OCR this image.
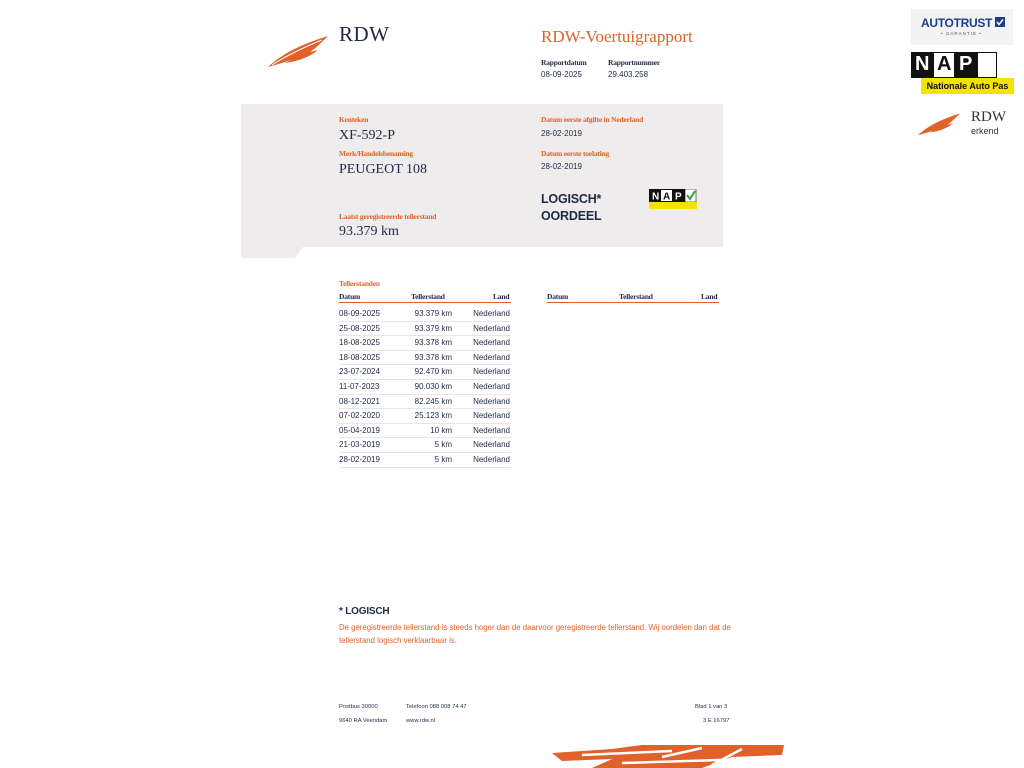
RDW	RDW-Voertuigrapport
Rapportdatum
08-09-2025
Rapportnummer
29.403.258
Kenteken
XF-592-P
Merk/Handelsbenaming
PEUGEOT 108
Laatst geregistreerde tellerstand
93.379 km
Datum eerste afgifte in Nederland
28-02-2019
Datum eerste toelating
28-02-2019
LOGISCH*
OORDEEL
N A P
Tellerstanden
Datum	Tellerstand	Land	Datum	Tellerstand	Land
08-09-2025	93.379 km	Nederland
25-08-2025	93.379 km	Nederland
18-08-2025	93.378 km	Nederland
18-08-2025	93.378 km	Nederland
23-07-2024	92.470 km	Nederland
11-07-2023	90.030 km	Nederland
08-12-2021	82.245 km	Nederland
07-02-2020	25.123 km	Nederland
05-04-2019	10 km	Nederland
21-03-2019	5 km	Nederland
28-02-2019	5 km	Nederland
* LOGISCH
De geregistreerde tellerstand is steeds hoger dan de daarvoor geregistreerde tellerstand. Wij oordelen dan dat de tellerstand logisch verklaarbaar is.
Postbus 30000
9640 RA Veendam
Telefoon 088 008 74 47
www.rdw.nl
Blad 1 van 3
3 E 16797
AUTOTRUST
• GARANTIE •
N A P
Nationale Auto Pas
RDW
erkend
